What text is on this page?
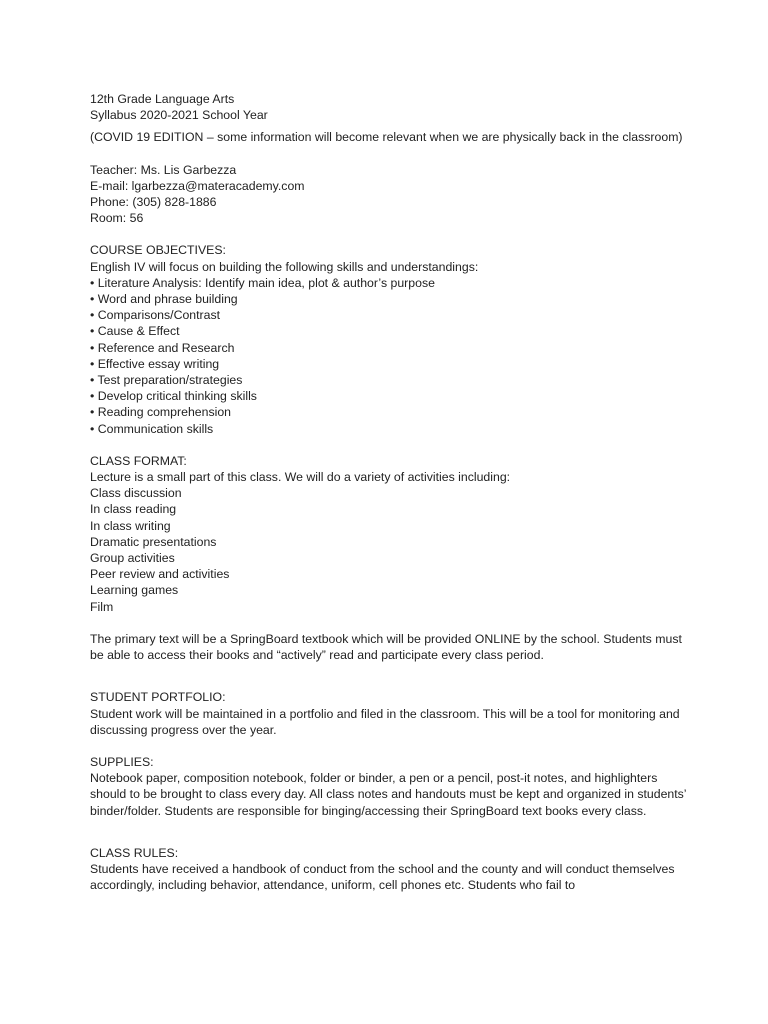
12th Grade Language Arts
Syllabus 2020-2021 School Year
(COVID 19 EDITION – some information will become relevant when we are physically back in the classroom)
Teacher: Ms. Lis Garbezza
E-mail: lgarbezza@materacademy.com
Phone: (305) 828-1886
Room: 56
COURSE OBJECTIVES:
English IV will focus on building the following skills and understandings:
• Literature Analysis: Identify main idea, plot & author’s purpose
• Word and phrase building
• Comparisons/Contrast
• Cause & Effect
• Reference and Research
• Effective essay writing
• Test preparation/strategies
• Develop critical thinking skills
• Reading comprehension
• Communication skills
CLASS FORMAT:
Lecture is a small part of this class. We will do a variety of activities including:
Class discussion
In class reading
In class writing
Dramatic presentations
Group activities
Peer review and activities
Learning games
Film
The primary text will be a SpringBoard textbook which will be provided ONLINE by the school. Students must be able to access their books and “actively” read and participate every class period.
STUDENT PORTFOLIO:
Student work will be maintained in a portfolio and filed in the classroom. This will be a tool for monitoring and discussing progress over the year.
SUPPLIES:
Notebook paper, composition notebook, folder or binder, a pen or a pencil, post-it notes, and highlighters should to be brought to class every day. All class notes and handouts must be kept and organized in students’ binder/folder. Students are responsible for binging/accessing their SpringBoard text books every class.
CLASS RULES:
Students have received a handbook of conduct from the school and the county and will conduct themselves accordingly, including behavior, attendance, uniform, cell phones etc. Students who fail to
